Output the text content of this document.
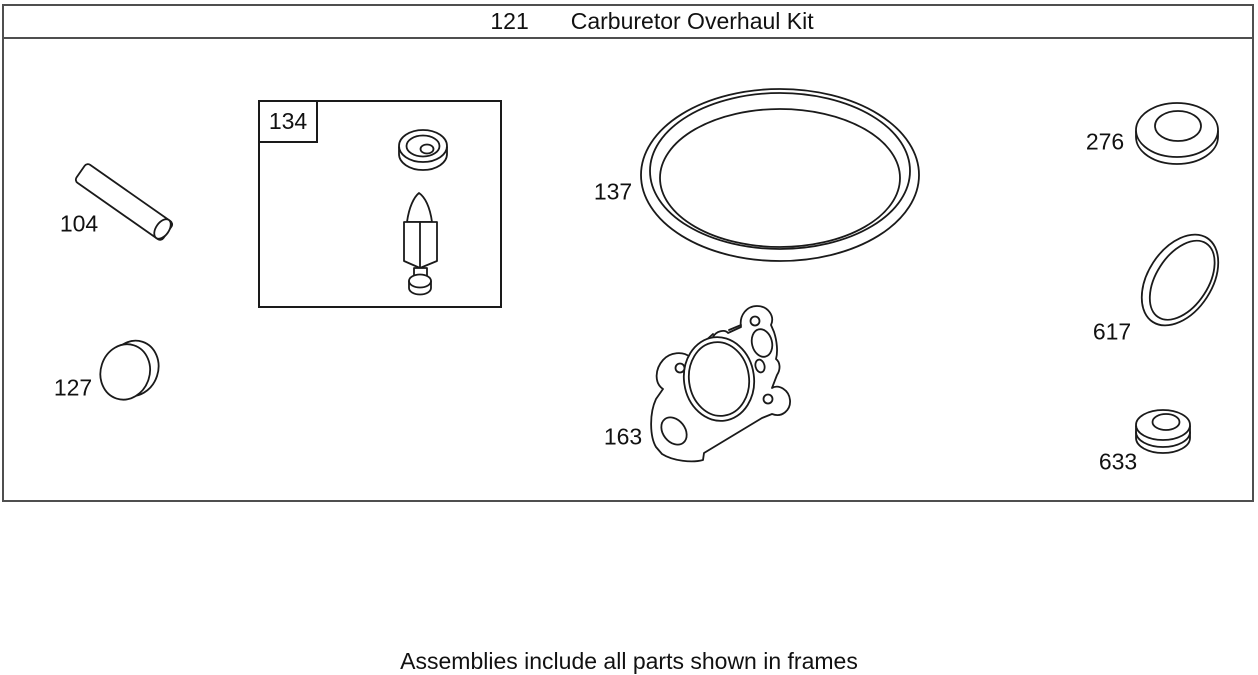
121 Carburetor Overhaul Kit
134
104
127
137
163
276
617
633
Assemblies include all parts shown in frames
